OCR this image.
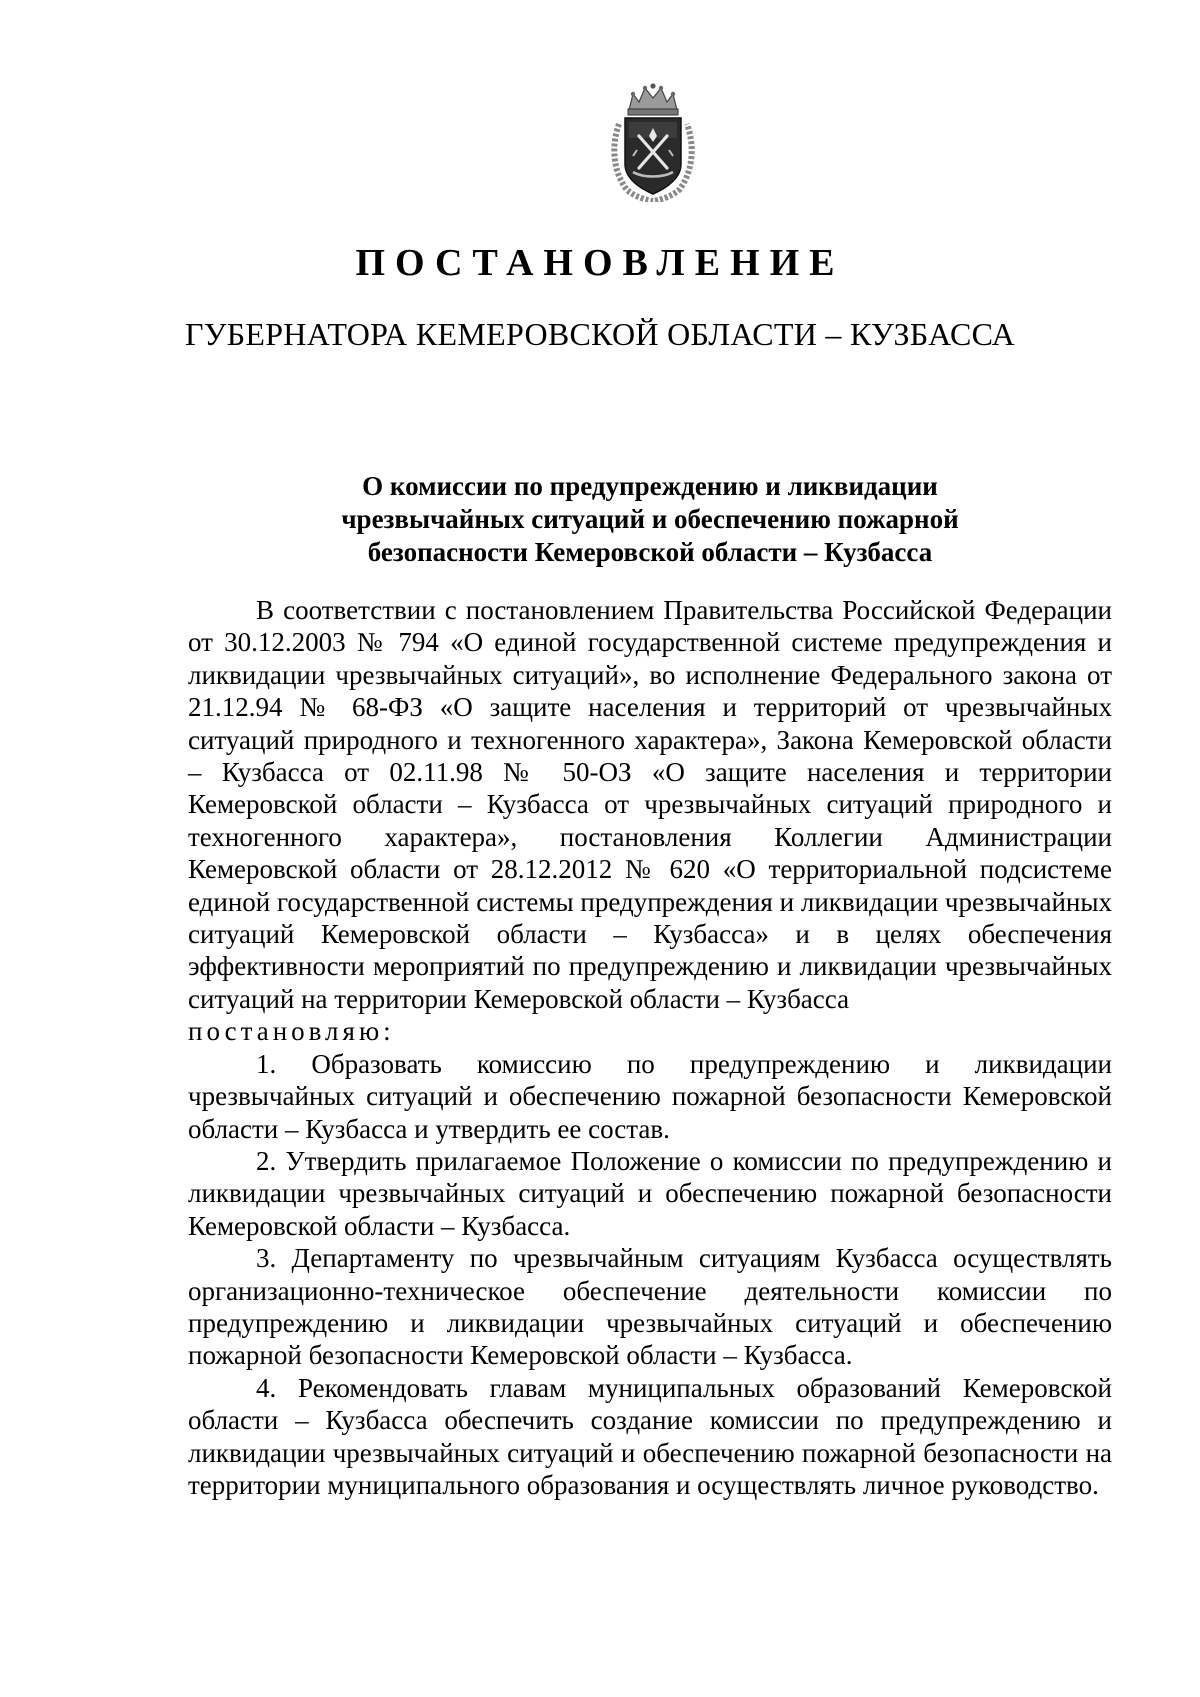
ПОСТАНОВЛЕНИЕ
ГУБЕРНАТОРА КЕМЕРОВСКОЙ ОБЛАСТИ – КУЗБАССА
О комиссии по предупреждению и ликвидации
чрезвычайных ситуаций и обеспечению пожарной
безопасности Кемеровской области – Кузбасса

В соответствии с постановлением Правительства Российской Федерации от 30.12.2003 № 794 «О единой государственной системе предупреждения и ликвидации чрезвычайных ситуаций», во исполнение Федерального закона от 21.12.94 № 68-ФЗ «О защите населения и территорий от чрезвычайных ситуаций природного и техногенного характера», Закона Кемеровской области – Кузбасса от 02.11.98 № 50-ОЗ «О защите населения и территории Кемеровской области – Кузбасса от чрезвычайных ситуаций природного и техногенного характера», постановления Коллегии Администрации Кемеровской области от 28.12.2012 № 620 «О территориальной подсистеме единой государственной системы предупреждения и ликвидации чрезвычайных ситуаций Кемеровской области – Кузбасса» и в целях обеспечения эффективности мероприятий по предупреждению и ликвидации чрезвычайных ситуаций на территории Кемеровской области – Кузбасса

постановляю:

1. Образовать комиссию по предупреждению и ликвидации чрезвычайных ситуаций и обеспечению пожарной безопасности Кемеровской области – Кузбасса и утвердить ее состав.

2. Утвердить прилагаемое Положение о комиссии по предупреждению и ликвидации чрезвычайных ситуаций и обеспечению пожарной безопасности Кемеровской области – Кузбасса.

3. Департаменту по чрезвычайным ситуациям Кузбасса осуществлять организационно-техническое обеспечение деятельности комиссии по предупреждению и ликвидации чрезвычайных ситуаций и обеспечению пожарной безопасности Кемеровской области – Кузбасса.

4. Рекомендовать главам муниципальных образований Кемеровской области – Кузбасса обеспечить создание комиссии по предупреждению и ликвидации чрезвычайных ситуаций и обеспечению пожарной безопасности на территории муниципального образования и осуществлять личное руководство.
